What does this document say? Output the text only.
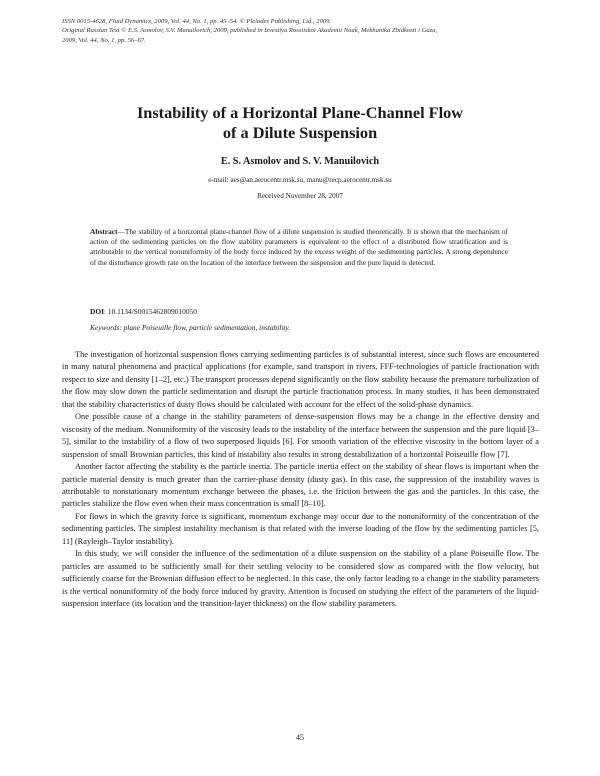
ISSN 0015-4628, Fluid Dynamics, 2009, Vol. 44, No. 1, pp. 45–54. © Pleiades Publishing, Ltd., 2009.
Original Russian Text © E.S. Asmolov, S.V. Manuilovich, 2009, published in Izvestiya Rossiiskoi Akademii Nauk, Mekhanika Zhidkosti i Gaza,
2009, Vol. 44, No. 1, pp. 56–67.
Instability of a Horizontal Plane-Channel Flow
of a Dilute Suspension
E. S. Asmolov and S. V. Manuilovich
e-mail: aes@an.aerocentr.msk.su, manu@recp.aerocentr.msk.su
Received November 28, 2007
Abstract—The stability of a horizontal plane-channel flow of a dilute suspension is studied theoretically. It is shown that the mechanism of action of the sedimenting particles on the flow stability parameters is equivalent to the effect of a distributed flow stratification and is attributable to the vertical nonuniformity of the body force induced by the excess weight of the sedimenting particles. A strong dependence of the disturbance growth rate on the location of the interface between the suspension and the pure liquid is detected.
DOI: 10.1134/S0015462809010050
Keywords: plane Poiseuille flow, particle sedimentation, instability.

The investigation of horizontal suspension flows carrying sedimenting particles is of substantial interest, since such flows are encountered in many natural phenomena and practical applications (for example, sand transport in rivers, FFF-technologies of particle fractionation with respect to size and density [1–2], etc.) The transport processes depend significantly on the flow stability because the premature turbulization of the flow may slow down the particle sedimentation and disrupt the particle fractionation process. In many studies, it has been demonstrated that the stability characteristics of dusty flows should be calculated with account for the effect of the solid-phase dynamics.

One possible cause of a change in the stability parameters of dense-suspension flows may be a change in the effective density and viscosity of the medium. Nonuniformity of the viscosity leads to the instability of the interface between the suspension and the pure liquid [3–5], similar to the instability of a flow of two superposed liquids [6]. For smooth variation of the effective viscosity in the bottom layer of a suspension of small Brownian particles, this kind of instability also results in strong destabilization of a horizontal Poiseuille flow [7].

Another factor affecting the stability is the particle inertia. The particle inertia effect on the stability of shear flows is important when the particle material density is much greater than the carrier-phase density (dusty gas). In this case, the suppression of the instability waves is attributable to nonstationary momentum exchange between the phases, i.e. the friction between the gas and the particles. In this case, the particles stabilize the flow even when their mass concentration is small [8–10].

For flows in which the gravity force is significant, momentum exchange may occur due to the nonuniformity of the concentration of the sedimenting particles. The simplest instability mechanism is that related with the inverse loading of the flow by the sedimenting particles [5, 11] (Rayleigh–Taylor instability).

In this study, we will consider the influence of the sedimentation of a dilute suspension on the stability of a plane Poiseuille flow. The particles are assumed to be sufficiently small for their settling velocity to be considered slow as compared with the flow velocity, but sufficiently coarse for the Brownian diffusion effect to be neglected. In this case, the only factor leading to a change in the stability parameters is the vertical nonuniformity of the body force induced by gravity. Attention is focused on studying the effect of the parameters of the liquid-suspension interface (its location and the transition-layer thickness) on the flow stability parameters.

45
